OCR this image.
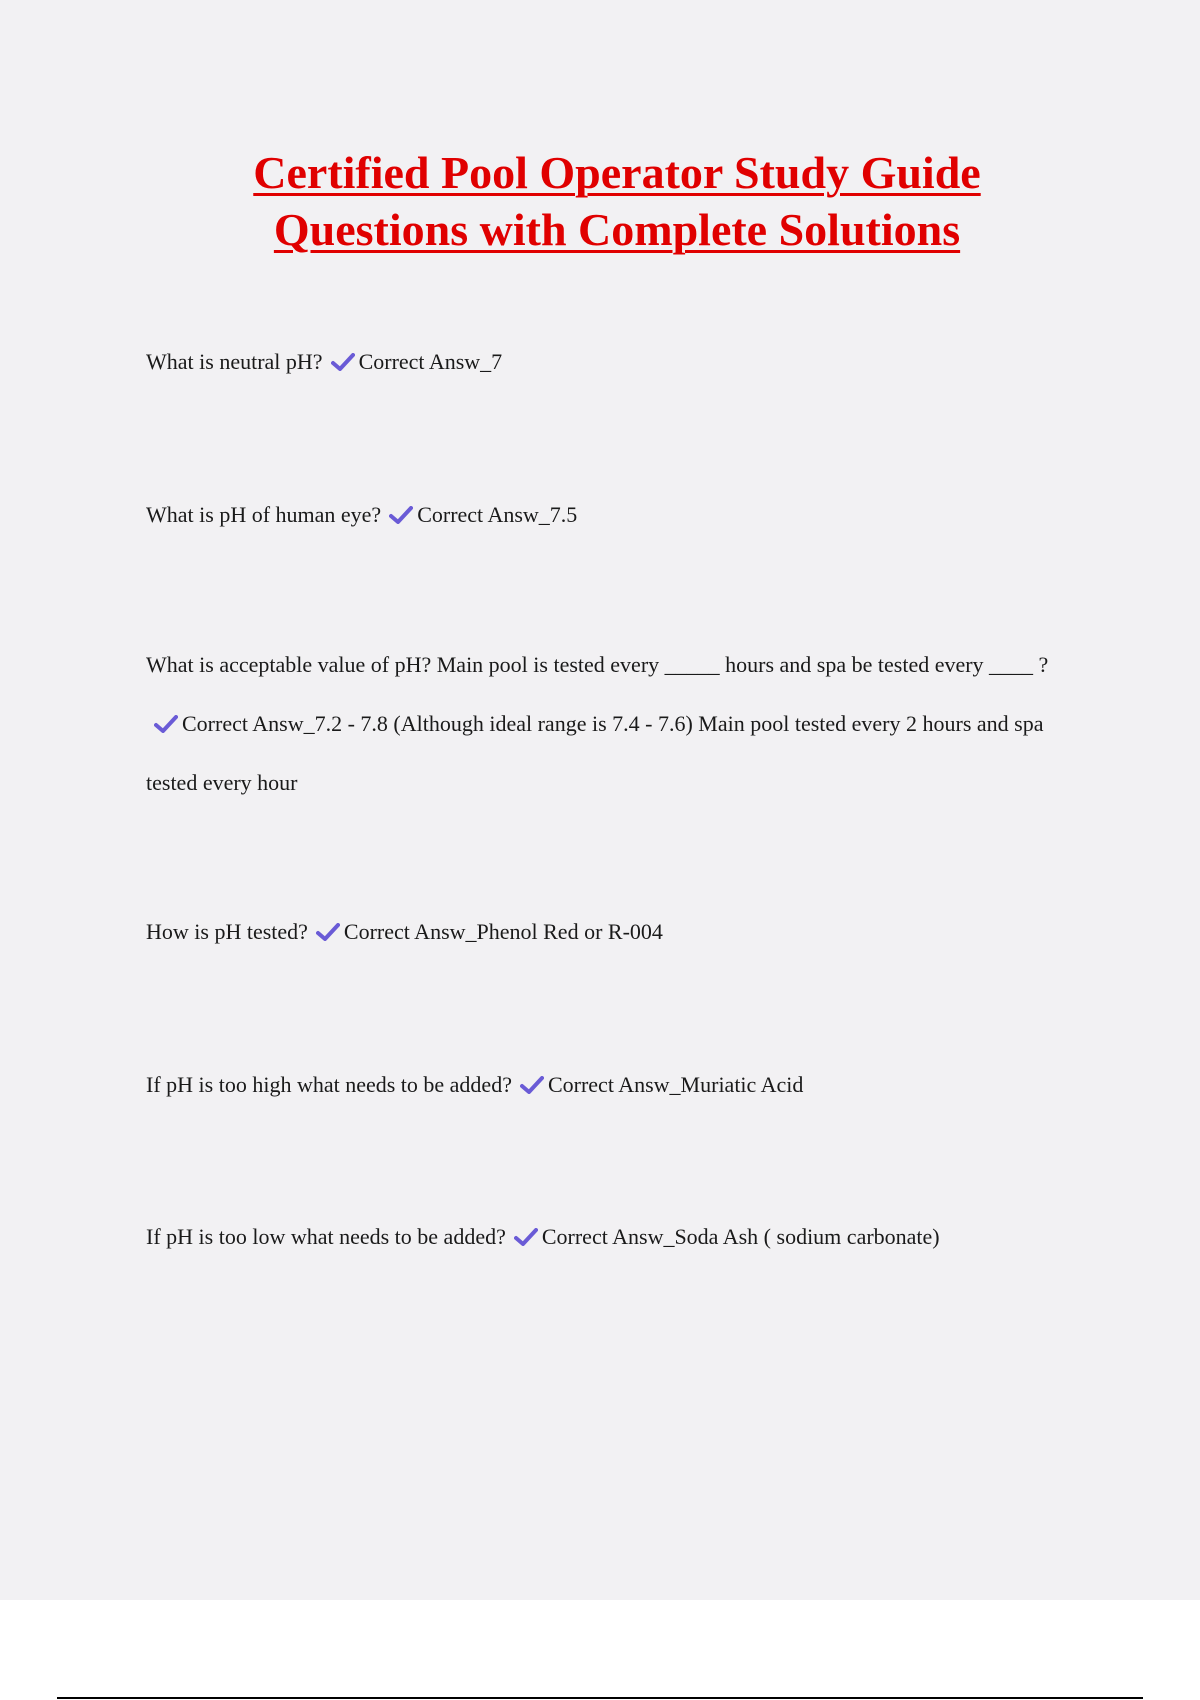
Certified Pool Operator Study Guide
Questions with Complete Solutions

What is neutral pH? Correct Answ_7

What is pH of human eye? Correct Answ_7.5

What is acceptable value of pH? Main pool is tested every _____ hours and spa be tested every ____ ?Correct Answ_7.2 - 7.8 (Although ideal range is 7.4 - 7.6) Main pool tested every 2 hours and spa tested every hour

How is pH tested? Correct Answ_Phenol Red or R-004

If pH is too high what needs to be added? Correct Answ_Muriatic Acid

If pH is too low what needs to be added? Correct Answ_Soda Ash ( sodium carbonate)
